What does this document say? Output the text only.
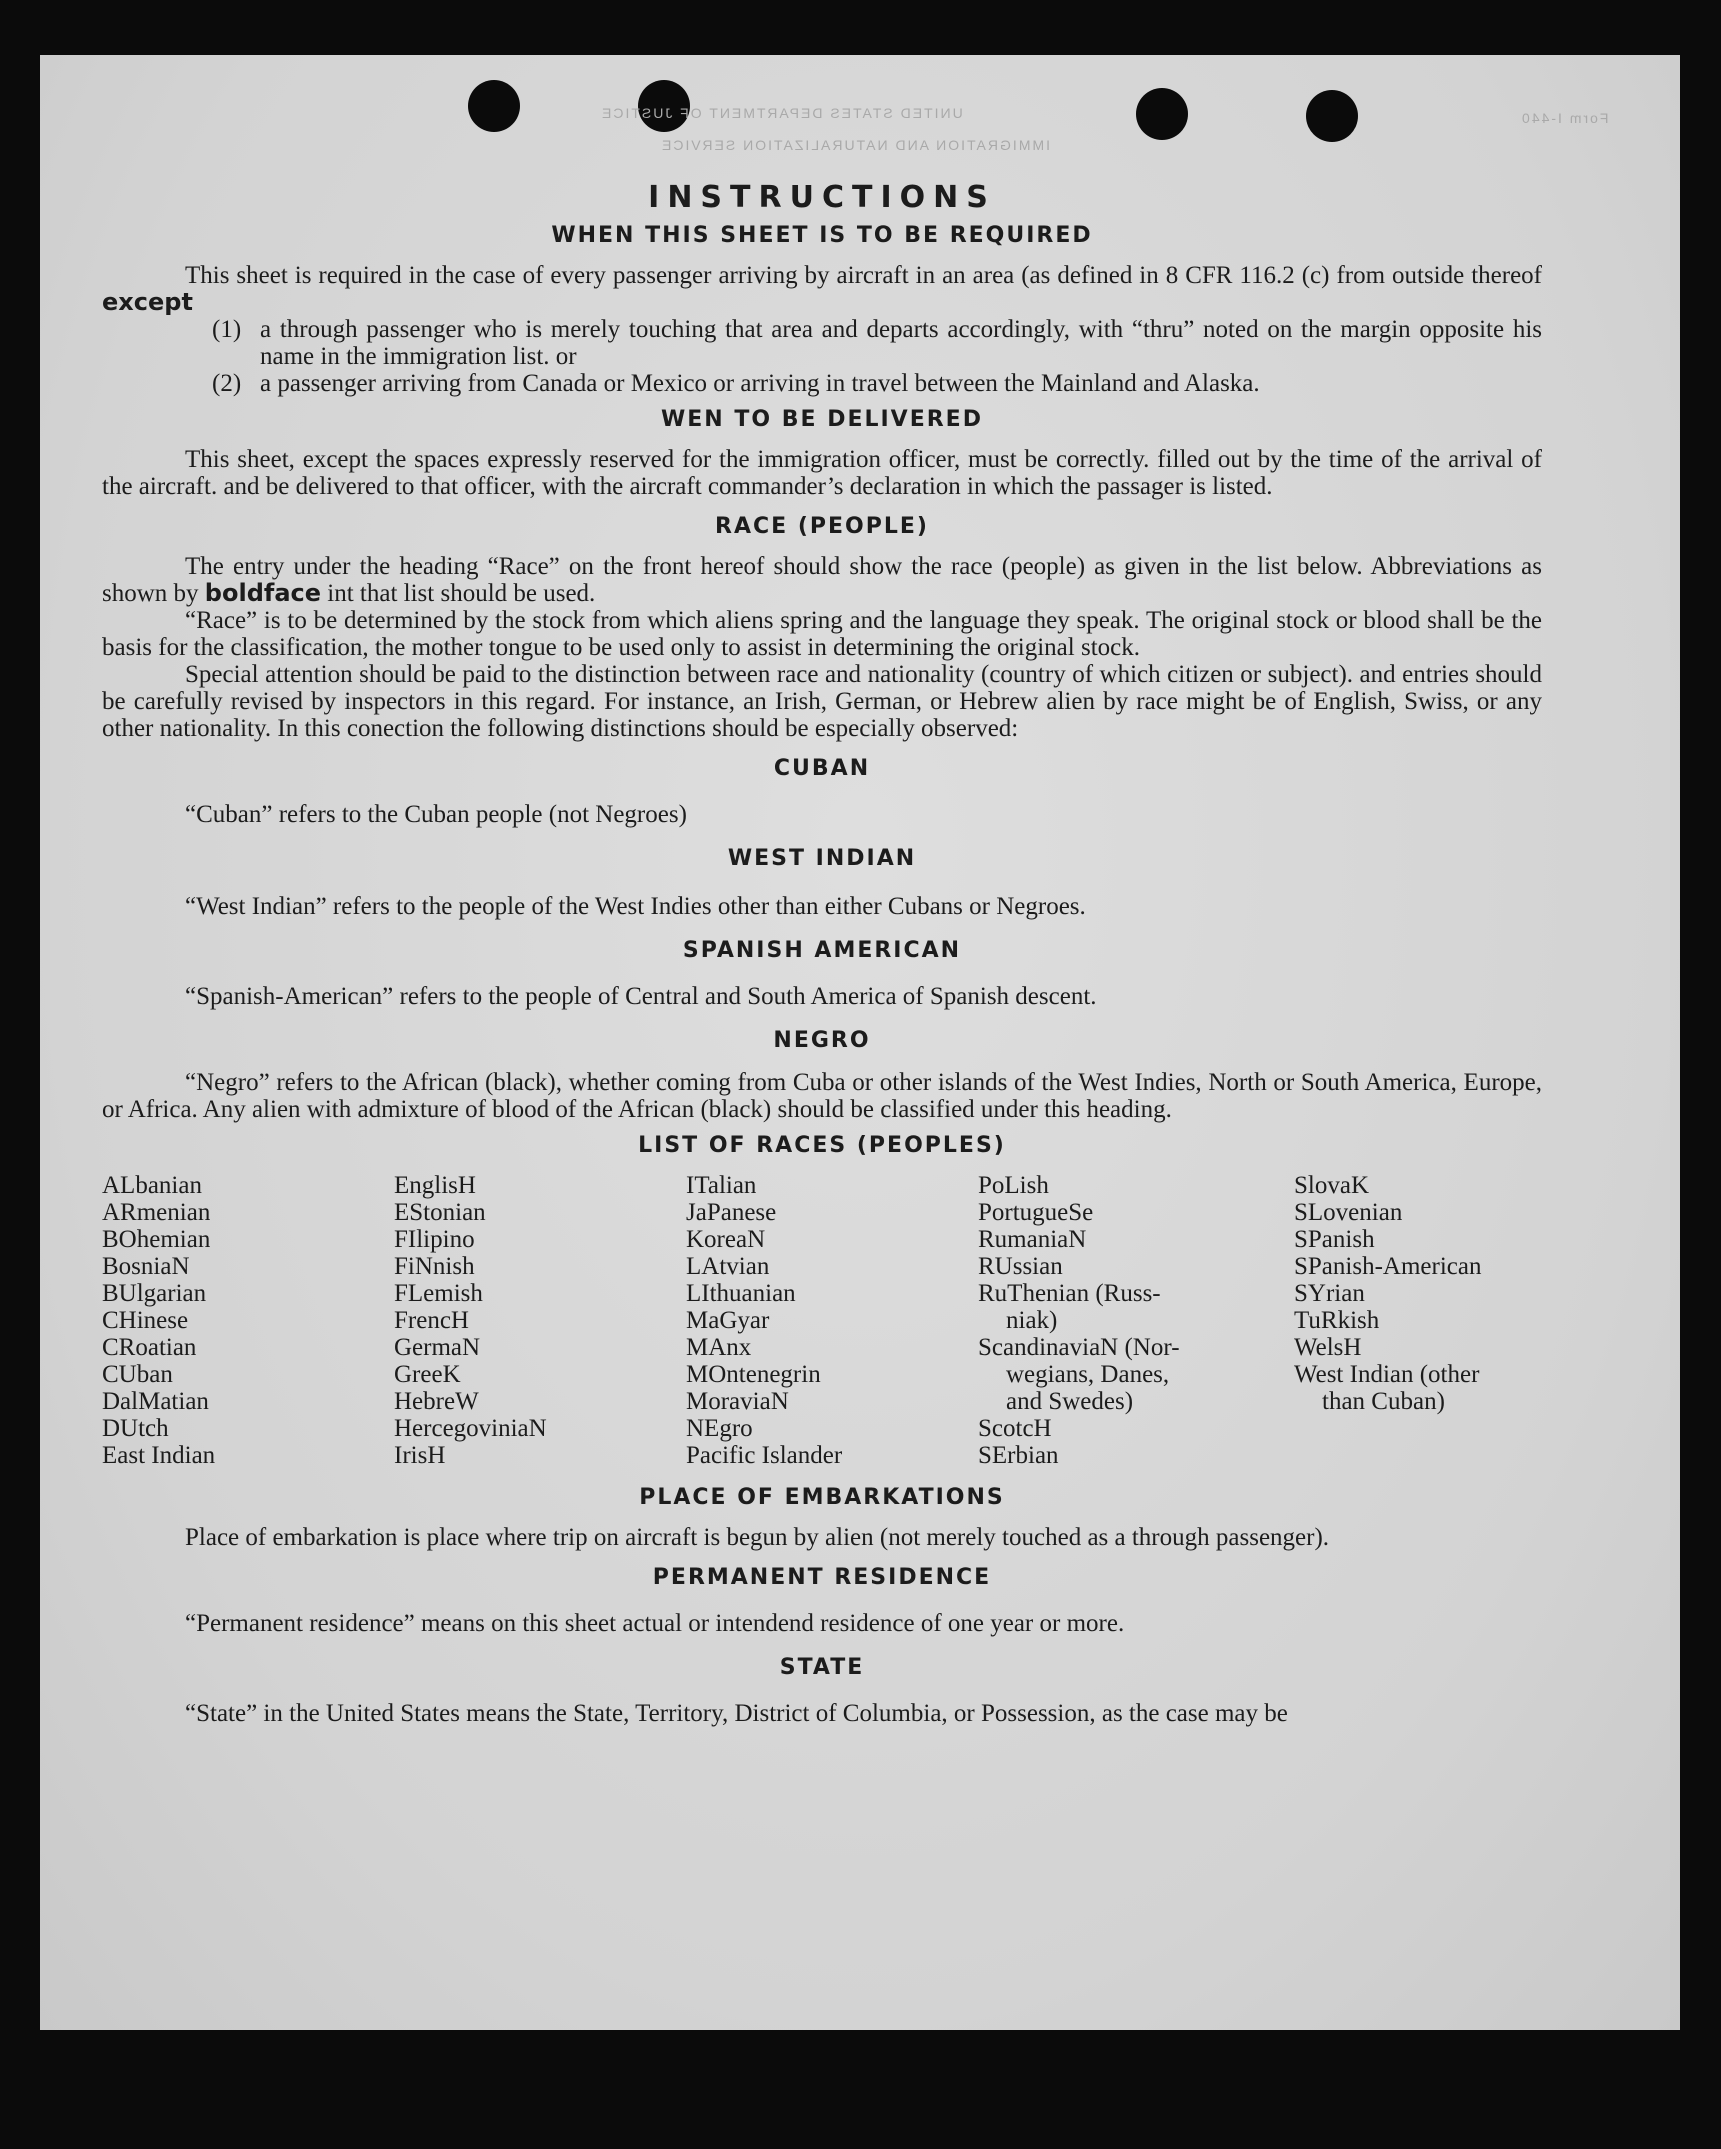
UNITED STATES DEPARTMENT OF JUSTICE
IMMIGRATION AND NATURALIZATION SERVICE
Form I-440
INSTRUCTIONS
WHEN THIS SHEET IS TO BE REQUIRED

This sheet is required in the case of every passenger arriving by aircraft in an area (as defined in 8 CFR 116.2 (c) from outside thereof except

(1) a through passenger who is merely touching that area and departs accordingly, with “thru” noted on the margin opposite his name in the immigration list. or
(2) a passenger arriving from Canada or Mexico or arriving in travel between the Mainland and Alaska.
WEN TO BE DELIVERED

This sheet, except the spaces expressly reserved for the immigration officer, must be correctly. filled out by the time of the arrival of the aircraft. and be delivered to that officer, with the aircraft commander’s declaration in which the passager is listed.

RACE (PEOPLE)

The entry under the heading “Race” on the front hereof should show the race (people) as given in the list below. Abbreviations as shown by boldface int that list should be used.

“Race” is to be determined by the stock from which aliens spring and the language they speak. The original stock or blood shall be the basis for the classification, the mother tongue to be used only to assist in determining the original stock.

Special attention should be paid to the distinction between race and nationality (country of which citizen or subject). and entries should be carefully revised by inspectors in this regard. For instance, an Irish, German, or Hebrew alien by race might be of English, Swiss, or any other nationality. In this conection the following distinctions should be especially observed:

CUBAN

“Cuban” refers to the Cuban people (not Negroes)

WEST INDIAN

“West Indian” refers to the people of the West Indies other than either Cubans or Negroes.

SPANISH AMERICAN

“Spanish-American” refers to the people of Central and South America of Spanish descent.

NEGRO

“Negro” refers to the African (black), whether coming from Cuba or other islands of the West Indies, North or South America, Europe, or Africa. Any alien with admixture of blood of the African (black) should be classified under this heading.

LIST OF RACES (PEOPLES)
ALbanian
ARmenian
BOhemian
BosniaN
BUlgarian
CHinese
CRoatian
CUban
DalMatian
DUtch
East Indian
EnglisH
EStonian
FIlipino
FiNnish
FLemish
FrencH
GermaN
GreeK
HebreW
HercegoviniaN
IrisH
ITalian
JaPanese
KoreaN
LAtvian
LIthuanian
MaGyar
MAnx
MOntenegrin
MoraviaN
NEgro
Pacific Islander
PoLish
PortugueSe
RumaniaN
RUssian
RuThenian (Russ-
niak)
ScandinaviaN (Nor-
wegians, Danes,
and Swedes)
ScotcH
SErbian
SlovaK
SLovenian
SPanish
SPanish-American
SYrian
TuRkish
WelsH
West Indian (other
than Cuban)
PLACE OF EMBARKATIONS

Place of embarkation is place where trip on aircraft is begun by alien (not merely touched as a through passenger).

PERMANENT RESIDENCE

“Permanent residence” means on this sheet actual or intendend residence of one year or more.

STATE

“State” in the United States means the State, Territory, District of Columbia, or Possession, as the case may be
